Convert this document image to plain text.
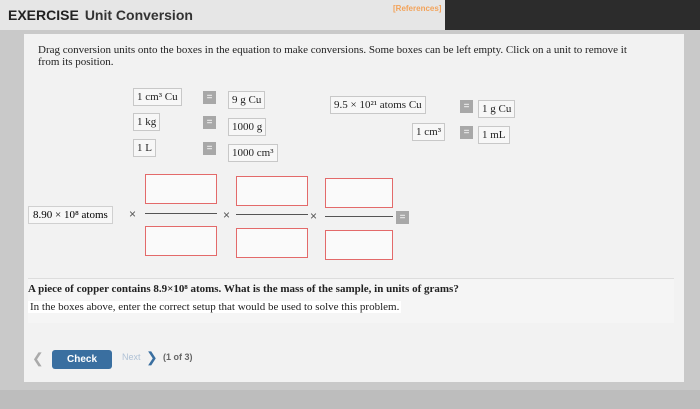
[References]
EXERCISE Unit Conversion
Drag conversion units onto the boxes in the equation to make conversions. Some boxes can be left empty. Click on a unit to remove it from its position.
1 cm³ Cu	=	9 g Cu
1 kg	=	1000 g
1 L	=	1000 cm³
9.5 × 10²¹ atoms Cu	=	1 g Cu
1 cm³	=	1 mL
8.90 × 10⁸ atoms	×	×	×	=
A piece of copper contains 8.9×10⁸ atoms. What is the mass of the sample, in units of grams?
In the boxes above, enter the correct setup that would be used to solve this problem.
❮	Check	Next ❯ (1 of 3)
